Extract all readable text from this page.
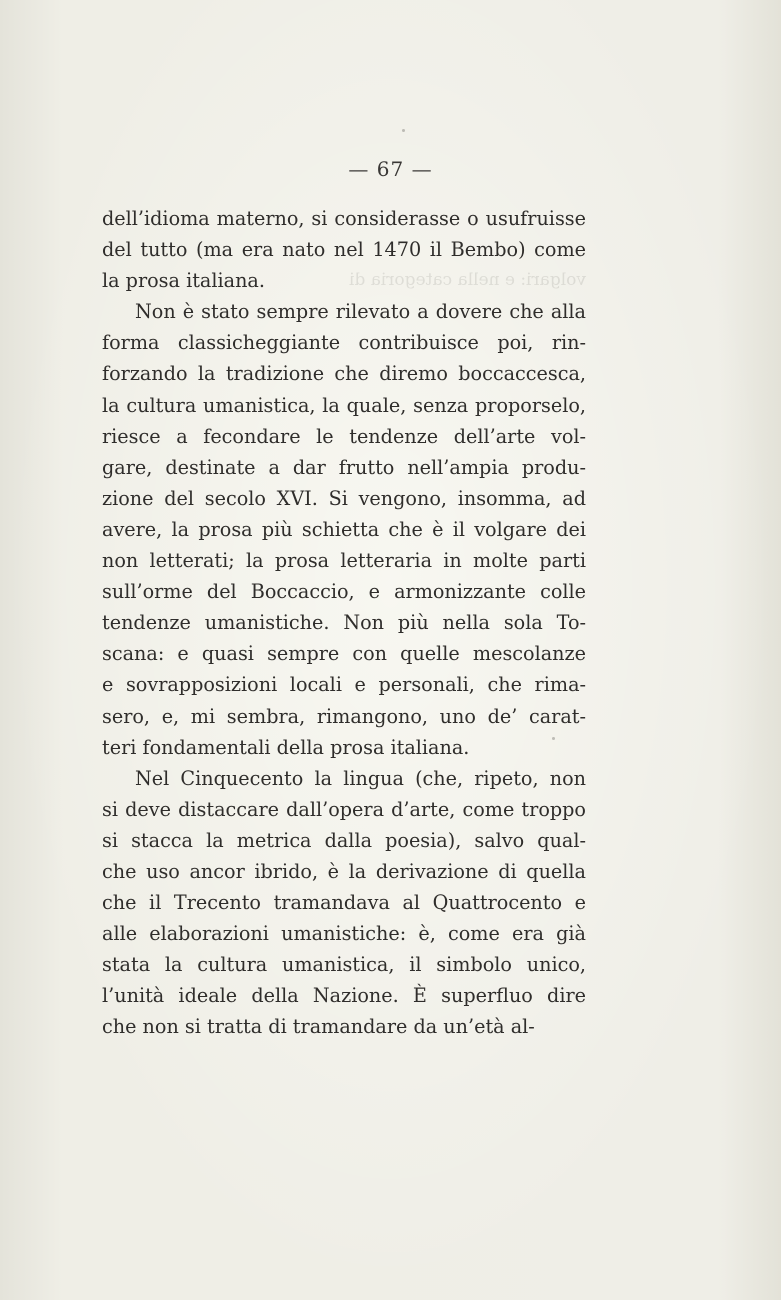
volgari: e nella categoria di
— 67 —
dell’idioma materno, si considerasse o usufruisse
del tutto (ma era nato nel 1470 il Bembo) come
la prosa italiana.
Non è stato sempre rilevato a dovere che alla
forma classicheggiante contribuisce poi, rin-
forzando la tradizione che diremo boccaccesca,
la cultura umanistica, la quale, senza proporselo,
riesce a fecondare le tendenze dell’arte vol-
gare, destinate a dar frutto nell’ampia produ-
zione del secolo XVI. Si vengono, insomma, ad
avere, la prosa più schietta che è il volgare dei
non letterati; la prosa letteraria in molte parti
sull’orme del Boccaccio, e armonizzante colle
tendenze umanistiche. Non più nella sola To-
scana: e quasi sempre con quelle mescolanze
e sovrapposizioni locali e personali, che rima-
sero, e, mi sembra, rimangono, uno de’ carat-
teri fondamentali della prosa italiana.
Nel Cinquecento la lingua (che, ripeto, non
si deve distaccare dall’opera d’arte, come troppo
si stacca la metrica dalla poesia), salvo qual-
che uso ancor ibrido, è la derivazione di quella
che il Trecento tramandava al Quattrocento e
alle elaborazioni umanistiche: è, come era già
stata la cultura umanistica, il simbolo unico,
l’unità ideale della Nazione. È superfluo dire
che non si tratta di tramandare da un’età al-
